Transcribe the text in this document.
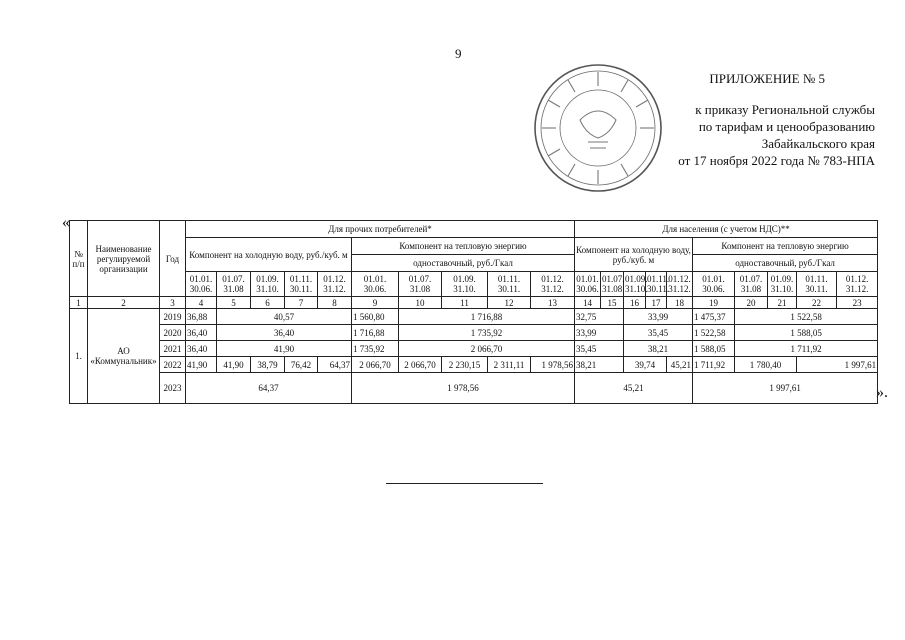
9
ПРИЛОЖЕНИЕ № 5
к приказу Региональной службы
по тарифам и ценообразованию
Забайкальского края
от 17 ноября 2022 года № 783-НПА
«
».
№ п/п	Наименование регулируемой организации	Год	Для прочих потребителей*										Для населения (с учетом НДС)**									
			Компонент на холодную воду, руб./куб. м					Компонент на тепловую энергию					Компонент на холодную воду, руб./куб. м					Компонент на тепловую энергию				
								одноставочный, руб./Гкал										одноставочный, руб./Гкал				
			01.01. 30.06.	01.07. 31.08	01.09. 31.10.	01.11. 30.11.	01.12. 31.12.	01.01. 30.06.	01.07. 31.08	01.09. 31.10.	01.11. 30.11.	01.12. 31.12.	01.01. 30.06.	01.07. 31.08	01.09. 31.10.	01.11. 30.11.	01.12. 31.12.	01.01. 30.06.	01.07. 31.08	01.09. 31.10.	01.11. 30.11.	01.12. 31.12.
1	2	3	4	5	6	7	8	9	10	11	12	13	14	15	16	17	18	19	20	21	22	23
1.	АО «Коммунальник»	2019	36,88	40,57				1 560,80	1 716,88				32,75		33,99			1 475,37	1 522,58			
		2020	36,40	36,40				1 716,88	1 735,92				33,99		35,45			1 522,58	1 588,05			
		2021	36,40	41,90				1 735,92	2 066,70				35,45		38,21			1 588,05	1 711,92			
		2022	41,90	41,90	38,79	76,42	64,37	2 066,70	2 066,70	2 230,15	2 311,11	1 978,56	38,21		39,74		45,21	1 711,92	1 780,40		1 997,61	
		2023	64,37					1 978,56					45,21					1 997,61				
